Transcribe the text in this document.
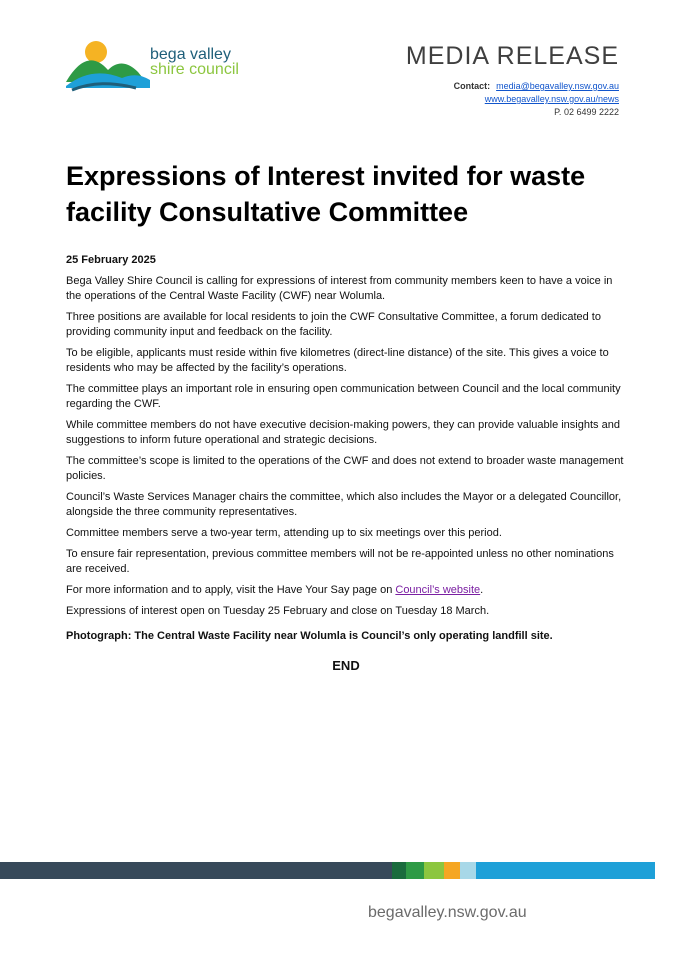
bega valley
shire council	MEDIA RELEASE
Contact: media@begavalley.nsw.gov.au
www.begavalley.nsw.gov.au/news
P. 02 6499 2222
Expressions of Interest invited for waste facility Consultative Committee

25 February 2025

Bega Valley Shire Council is calling for expressions of interest from community members keen to have a voice in the operations of the Central Waste Facility (CWF) near Wolumla.

Three positions are available for local residents to join the CWF Consultative Committee, a forum dedicated to providing community input and feedback on the facility.

To be eligible, applicants must reside within five kilometres (direct-line distance) of the site. This gives a voice to residents who may be affected by the facility’s operations.

The committee plays an important role in ensuring open communication between Council and the local community regarding the CWF.

While committee members do not have executive decision-making powers, they can provide valuable insights and suggestions to inform future operational and strategic decisions.

The committee’s scope is limited to the operations of the CWF and does not extend to broader waste management policies.

Council’s Waste Services Manager chairs the committee, which also includes the Mayor or a delegated Councillor, alongside the three community representatives.

Committee members serve a two-year term, attending up to six meetings over this period.

To ensure fair representation, previous committee members will not be re-appointed unless no other nominations are received.

For more information and to apply, visit the Have Your Say page on Council’s website.

Expressions of interest open on Tuesday 25 February and close on Tuesday 18 March.

Photograph: The Central Waste Facility near Wolumla is Council’s only operating landfill site.

END

begavalley.nsw.gov.au
